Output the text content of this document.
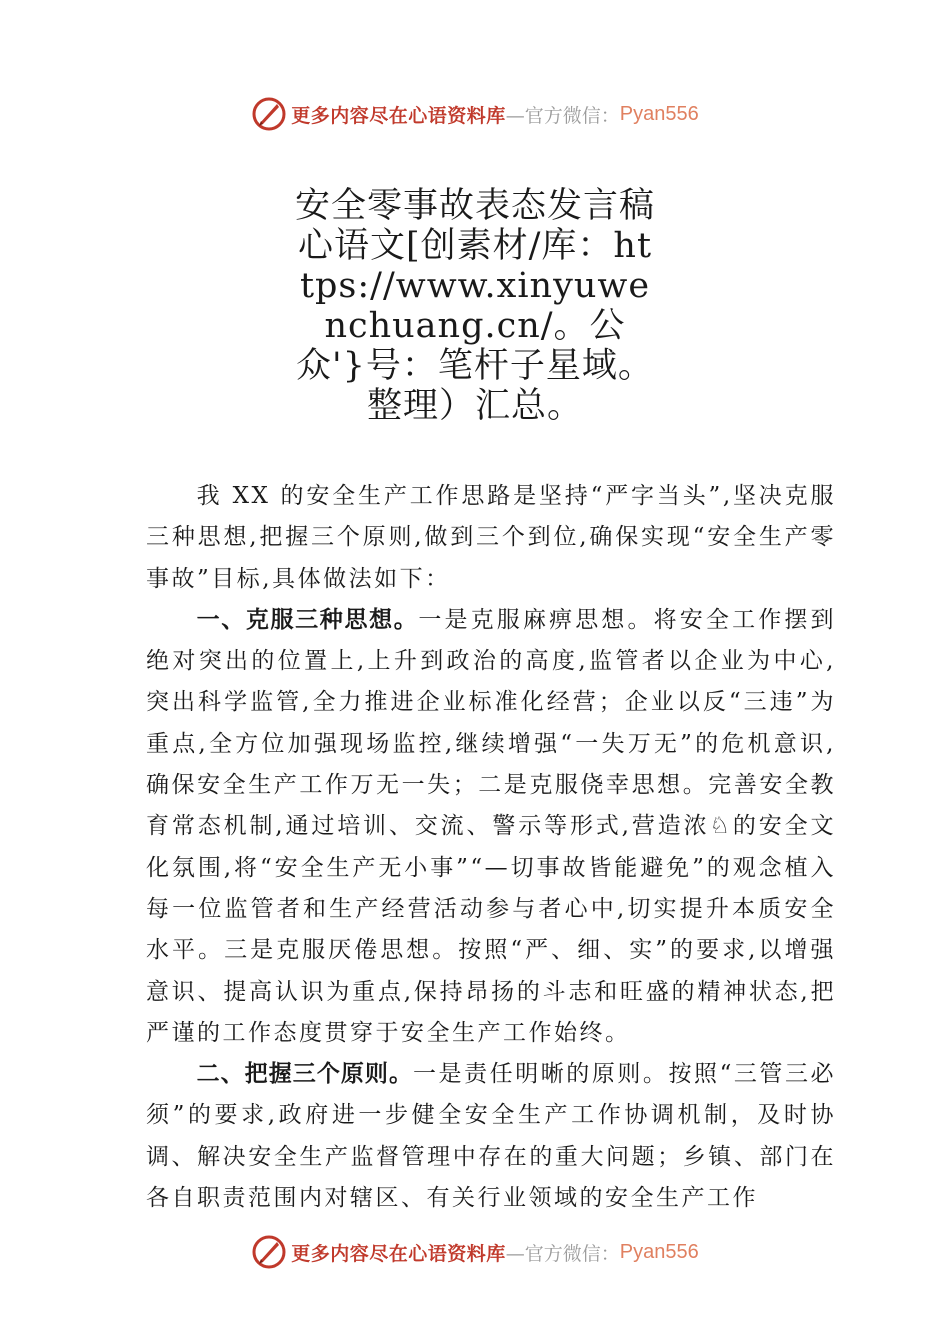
更多内容尽在心语资料库 —官方微信： Pyan556
安全零事故表态发言稿
心语文[创素材/库：https://www.xinyuwenchuang.cn/。公众'}号：笔杆子星域。整理）汇总。

我 XX 的安全生产工作思路是坚持“严字当头”,坚决克服三种思想,把握三个原则,做到三个到位,确保实现“安全生产零事故”目标,具体做法如下：

一、克服三种思想。一是克服麻痹思想。将安全工作摆到绝对突出的位置上,上升到政治的高度,监管者以企业为中心,突出科学监管,全力推进企业标准化经营；企业以反“三违”为重点,全方位加强现场监控,继续增强“一失万无”的危机意识,确保安全生产工作万无一失；二是克服侥幸思想。完善安全教育常态机制,通过培训、交流、警示等形式,营造浓♘的安全文化氛围,将“安全生产无小事”“—切事故皆能避免”的观念植入每一位监管者和生产经营活动参与者心中,切实提升本质安全水平。三是克服厌倦思想。按照“严、细、实”的要求,以增强意识、提高认识为重点,保持昂扬的斗志和旺盛的精神状态,把严谨的工作态度贯穿于安全生产工作始终。

二、把握三个原则。一是责任明晰的原则。按照“三管三必须”的要求,政府进一步健全安全生产工作协调机制，及时协调、解决安全生产监督管理中存在的重大问题；乡镇、部门在各自职责范围内对辖区、有关行业领域的安全生产工作

更多内容尽在心语资料库 —官方微信： Pyan556
